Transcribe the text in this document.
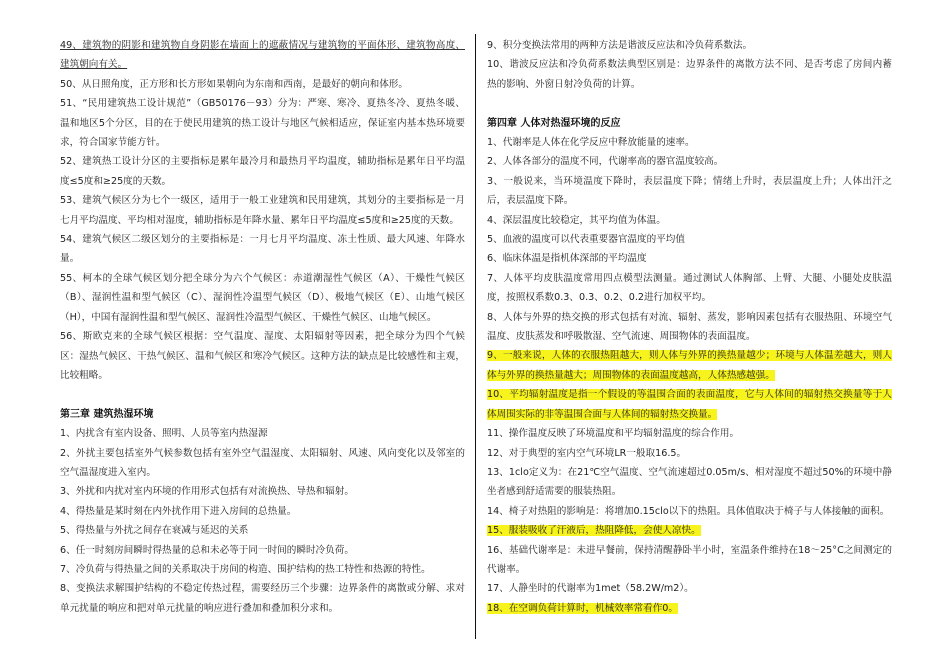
49、建筑物的阴影和建筑物自身阴影在墙面上的遮蔽情况与建筑物的平面体形、建筑物高度、建筑朝向有关。

50、从日照角度，正方形和长方形如果朝向为东南和西南，是最好的朝向和体形。

51、“民用建筑热工设计规范”（GB50176－93）分为：严寒、寒冷、夏热冬冷、夏热冬暖、温和地区5个分区，目的在于使民用建筑的热工设计与地区气候相适应，保证室内基本热环境要求，符合国家节能方针。

52、建筑热工设计分区的主要指标是累年最冷月和最热月平均温度，辅助指标是累年日平均温度≤5度和≥25度的天数。

53、建筑气候区分为七个一级区，适用于一般工业建筑和民用建筑，其划分的主要指标是一月七月平均温度、平均相对湿度，辅助指标是年降水量、累年日平均温度≤5度和≥25度的天数。

54、建筑气候区二级区划分的主要指标是：一月七月平均温度、冻土性质、最大风速、年降水量。

55、柯本的全球气候区划分把全球分为六个气候区：赤道潮湿性气候区（A）、干燥性气候区（B）、湿润性温和型气候区（C）、湿润性冷温型气候区（D）、极地气候区（E）、山地气候区（H），中国有湿润性温和型气候区、湿润性冷温型气候区、干燥性气候区、山地气候区。

56、斯欧克来的全球气候区根据：空气温度、湿度、太阳辐射等因素，把全球分为四个气候区：湿热气候区、干热气候区、温和气候区和寒冷气候区。这种方法的缺点是比较感性和主观，比较粗略。

第三章 建筑热湿环境

1、内扰含有室内设备、照明、人员等室内热湿源

2、外扰主要包括室外气候参数包括有室外空气温湿度、太阳辐射、风速、风向变化以及邻室的空气温湿度进入室内。

3、外扰和内扰对室内环境的作用形式包括有对流换热、导热和辐射。

4、得热量是某时刻在内外扰作用下进入房间的总热量。

5、得热量与外扰之间存在衰减与延迟的关系

6、任一时刻房间瞬时得热量的总和未必等于同一时间的瞬时冷负荷。

7、冷负荷与得热量之间的关系取决于房间的构造、围护结构的热工特性和热源的特性。

8、变换法求解围护结构的不稳定传热过程，需要经历三个步骤：边界条件的离散或分解、求对单元扰量的响应和把对单元扰量的响应进行叠加和叠加积分求和。

9、积分变换法常用的两种方法是谐波反应法和冷负荷系数法。

10、谐波反应法和冷负荷系数法典型区别是：边界条件的离散方法不同、是否考虑了房间内蓄热的影响、外窗日射冷负荷的计算。

第四章 人体对热湿环境的反应

1、代谢率是人体在化学反应中释放能量的速率。

2、人体各部分的温度不同，代谢率高的器官温度较高。

3、一般说来，当环境温度下降时，表层温度下降；情绪上升时，表层温度上升；人体出汗之后，表层温度下降。

4、深层温度比较稳定，其平均值为体温。

5、血液的温度可以代表重要器官温度的平均值

6、临床体温是指机体深部的平均温度

7、人体平均皮肤温度常用四点模型法测量。通过测试人体胸部、上臂、大腿、小腿处皮肤温度，按照权系数0.3、0.3、0.2、0.2进行加权平均。

8、人体与外界的热交换的形式包括有对流、辐射、蒸发，影响因素包括有衣服热阻、环境空气温度、皮肤蒸发和呼吸散湿、空气流速、周围物体的表面温度。

9、一般来说，人体的衣服热阻越大，则人体与外界的换热量越少；环境与人体温差越大，则人体与外界的换热量越大；周围物体的表面温度越高，人体热感越强。

10、平均辐射温度是指一个假设的等温围合面的表面温度，它与人体间的辐射热交换量等于人体周围实际的非等温围合面与人体间的辐射热交换量。

11、操作温度反映了环境温度和平均辐射温度的综合作用。

12、对于典型的室内空气环境LR一般取16.5。

13、1clo定义为：在21℃空气温度、空气流速超过0.05m/s、相对湿度不超过50%的环境中静坐者感到舒适需要的服装热阻。

14、椅子对热阻的影响是：将增加0.15clo以下的热阻。具体值取决于椅子与人体接触的面积。

15、服装吸收了汗液后，热阻降低，会使人凉快。

16、基础代谢率是：未进早餐前，保持清醒静卧半小时，室温条件维持在18～25°C之间测定的代谢率。

17、人静坐时的代谢率为1met（58.2W/m2）。

18、在空调负荷计算时，机械效率常看作0。
